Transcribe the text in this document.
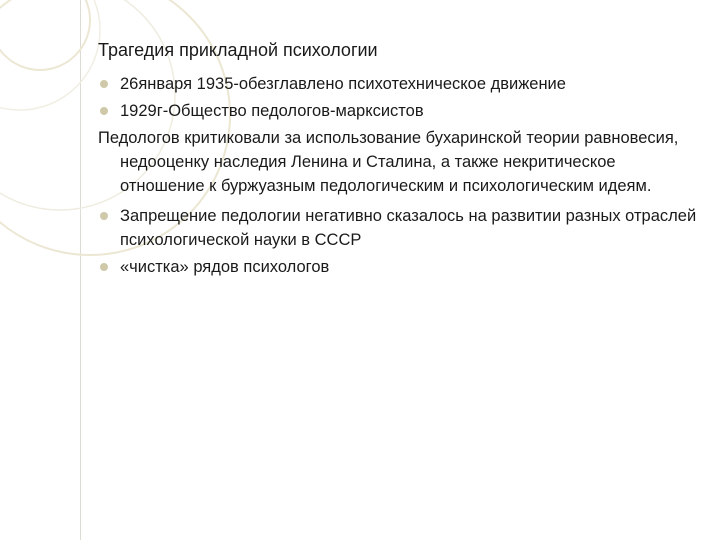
Трагедия прикладной психологии
26января 1935-обезглавлено психотехническое движение
1929г-Общество педологов-марксистов
Педологов критиковали за использование бухаринской теории равновесия, недооценку наследия Ленина и Сталина, а также некритическое отношение к буржуазным педологическим и психологическим идеям.
Запрещение педологии негативно сказалось на развитии разных отраслей психологической науки в СССР
«чистка» рядов психологов
